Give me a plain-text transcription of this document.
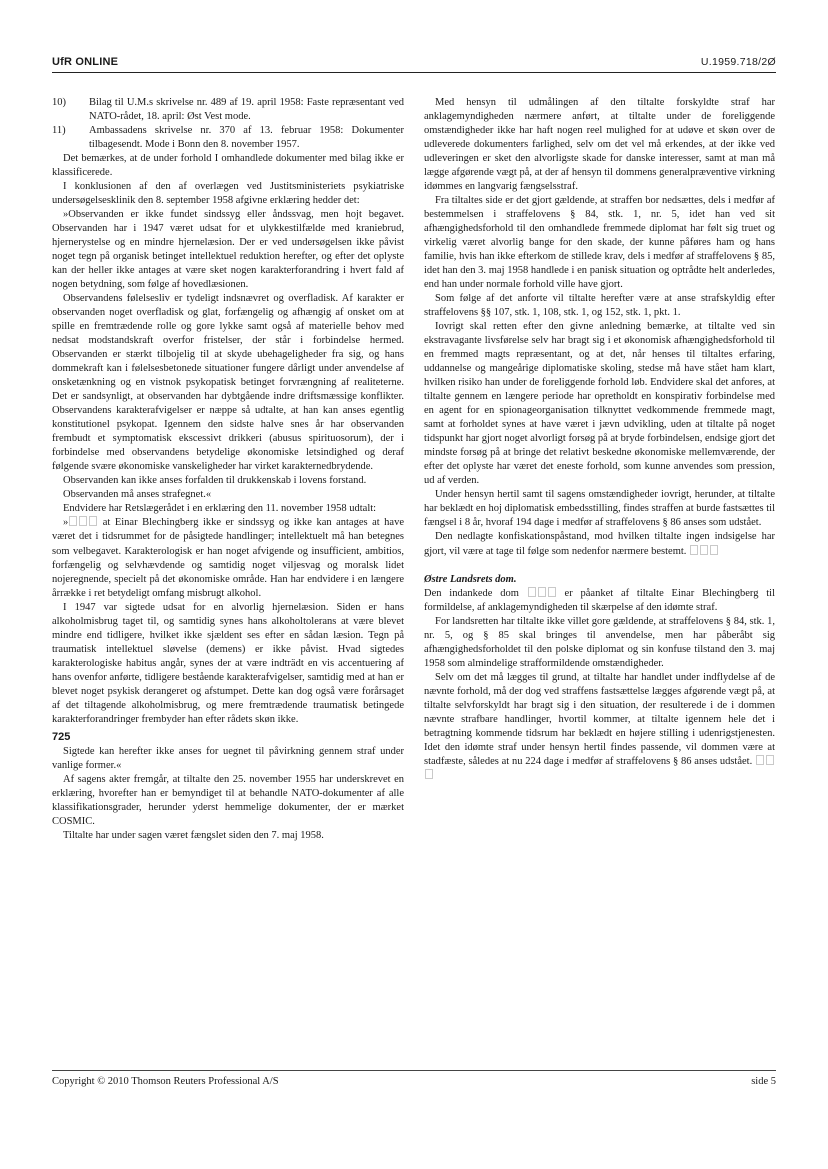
UfR ONLINE	U.1959.718/2Ø
10)	Bilag til U.M.s skrivelse nr. 489 af 19. april 1958: Faste repræsentant ved NATO-rådet, 18. april: Øst Vest mode.
11)	Ambassadens skrivelse nr. 370 af 13. februar 1958: Dokumenter tilbagesendt. Mode i Bonn den 8. november 1957.

Det bemærkes, at de under forhold I omhandlede dokumenter med bilag ikke er klassificerede.

I konklusionen af den af overlægen ved Justitsministeriets psykiatriske undersøgelsesklinik den 8. september 1958 afgivne erklæring hedder det:

»Observanden er ikke fundet sindssyg eller åndssvag, men hojt begavet. Observanden har i 1947 været udsat for et ulykkestilfælde med kraniebrud, hjernerystelse og en mindre hjernelæsion. Der er ved undersøgelsen ikke påvist noget tegn på organisk betinget intellektuel reduktion herefter, og efter det oplyste kan der heller ikke antages at være sket nogen karakterforandring i hvert fald af nogen betydning, som følge af hovedlæsionen.

Observandens følelsesliv er tydeligt indsnævret og overfladisk. Af karakter er observanden noget overfladisk og glat, forfængelig og afhængig af onsket om at spille en fremtrædende rolle og gore lykke samt også af materielle behov med nedsat modstandskraft overfor fristelser, der står i forbindelse hermed. Observanden er stærkt tilbojelig til at skyde ubehageligheder fra sig, og hans dommekraft kan i følelsesbetonede situationer fungere dårligt under anvendelse af onsketænkning og en vistnok psykopatisk betinget forvrængning af realiteterne. Det er sandsynligt, at observanden har dybtgående indre driftsmæssige konflikter. Observandens karakterafvigelser er næppe så udtalte, at han kan anses egentlig konstitutionel psykopat. Igennem den sidste halve snes år har observanden frembudt et symptomatisk ekscessivt drikkeri (abusus spirituosorum), der i forbindelse med observandens betydelige økonomiske letsindighed og deraf følgende svære økonomiske vanskeligheder har virket karakternedbrydende.

Observanden kan ikke anses forfalden til drukkenskab i lovens forstand.

Observanden må anses strafegnet.«

Endvidere har Retslægerådet i en erklæring den 11. november 1958 udtalt:

»	at Einar Blechingberg ikke er sindssyg og ikke kan antages at have været det i tidsrummet for de påsigtede handlinger; intellektuelt må han betegnes som velbegavet. Karakterologisk er han noget afvigende og insufficient, ambitios, forfængelig og selvhævdende og samtidig noget viljesvag og moralsk lidet nojeregnende, specielt på det økonomiske område. Han har endvidere i en længere årrække i ret betydeligt omfang misbrugt alkohol.

I 1947 var sigtede udsat for en alvorlig hjernelæsion. Siden er hans alkoholmisbrug taget til, og samtidig synes hans alkoholtolerans at være blevet mindre end tidligere, hvilket ikke sjældent ses efter en sådan læsion. Tegn på traumatisk intellektuel sløvelse (demens) er ikke påvist. Hvad sigtedes karakterologiske habitus angår, synes der at være indträdt en vis accentuering af hans ovenfor anførte, tidligere bestående karakterafvigelser, samtidig med at han er blevet noget psykisk derangeret og afstumpet. Dette kan dog også være forårsaget af det tiltagende alkoholmisbrug, og mere fremtrædende traumatisk betingede karakterforandringer frembyder han efter rådets skøn ikke.

725

Sigtede kan herefter ikke anses for uegnet til påvirkning gennem straf under vanlige former.«

Af sagens akter fremgår, at tiltalte den 25. november 1955 har underskrevet en erklæring, hvorefter han er bemyndiget til at behandle NATO-dokumenter af alle klassifikationsgrader, herunder yderst hemmelige dokumenter, der er mærket COSMIC.

Tiltalte har under sagen været fængslet siden den 7. maj 1958.

Med hensyn til udmålingen af den tiltalte forskyldte straf har anklagemyndigheden nærmere anført, at tiltalte under de foreliggende omstændigheder ikke har haft nogen reel mulighed for at udøve et skøn over de udleverede dokumenters farlighed, selv om det vel må erkendes, at der ikke ved udleveringen er sket den alvorligste skade for danske interesser, samt at man må lægge afgørende vægt på, at der af hensyn til dommens generalpræventive virkning idømmes en langvarig fængselsstraf.

Fra tiltaltes side er det gjort gældende, at straffen bor nedsættes, dels i medfør af bestemmelsen i straffelovens § 84, stk. 1, nr. 5, idet han ved sit afhængighedsforhold til den omhandlede fremmede diplomat har følt sig truet og virkelig været alvorlig bange for den skade, der kunne påføres ham og hans familie, hvis han ikke efterkom de stillede krav, dels i medfør af straffelovens § 85, idet han den 3. maj 1958 handlede i en panisk situation og optrådte helt anderledes, end han under normale forhold ville have gjort.

Som følge af det anforte vil tiltalte herefter være at anse strafskyldig efter straffelovens §§ 107, stk. 1, 108, stk. 1, og 152, stk. 1, pkt. 1.

Iovrigt skal retten efter den givne anledning bemærke, at tiltalte ved sin ekstravagante livsførelse selv har bragt sig i et økonomisk afhængighedsforhold til en fremmed magts repræsentant, og at det, når henses til tiltaltes erfaring, uddannelse og mangeårige diplomatiske skoling, stedse må have stået ham klart, hvilken risiko han under de foreliggende forhold løb. Endvidere skal det anfores, at tiltalte gennem en længere periode har opretholdt en konspirativ forbindelse med en agent for en spionageorganisation tilknyttet vedkommende fremmede magt, samt at forholdet synes at have været i jævn udvikling, uden at tiltalte på noget tidspunkt har gjort noget alvorligt forsøg på at bryde forbindelsen, endsige gjort det mindste forsøg på at bringe det relativt beskedne økonomiske mellemværende, der efter det oplyste har været det eneste forhold, som kunne anvendes som pression, ud af verden.

Under hensyn hertil samt til sagens omstændigheder iovrigt, herunder, at tiltalte har beklædt en hoj diplomatisk embedsstilling, findes straffen at burde fastsættes til fængsel i 8 år, hvoraf 194 dage i medfør af straffelovens § 86 anses som udstået.

Den nedlagte konfiskationspåstand, mod hvilken tiltalte ingen indsigelse har gjort, vil være at tage til følge som nedenfor nærmere bestemt.

Østre Landsrets dom.

Den indankede dom	er påanket af tiltalte Einar Blechingberg til formildelse, af anklagemyndigheden til skærpelse af den idømte straf.

For landsretten har tiltalte ikke villet gore gældende, at straffelovens § 84, stk. 1, nr. 5, og § 85 skal bringes til anvendelse, men har påberåbt sig afhængighedsforholdet til den polske diplomat og sin konfuse tilstand den 3. maj 1958 som almindelige strafformildende omstændigheder.

Selv om det må lægges til grund, at tiltalte har handlet under indflydelse af de nævnte forhold, må der dog ved straffens fastsættelse lægges afgørende vægt på, at tiltalte selvforskyldt har bragt sig i den situation, der resulterede i de i dommen nævnte strafbare handlinger, hvortil kommer, at tiltalte igennem hele det i betragtning kommende tidsrum har beklædt en højere stilling i udenrigstjenesten. Idet den idømte straf under hensyn hertil findes passende, vil dommen være at stadfæste, således at nu 224 dage i medfør af straffelovens § 86 anses udstået.

Copyright © 2010 Thomson Reuters Professional A/S	side 5
